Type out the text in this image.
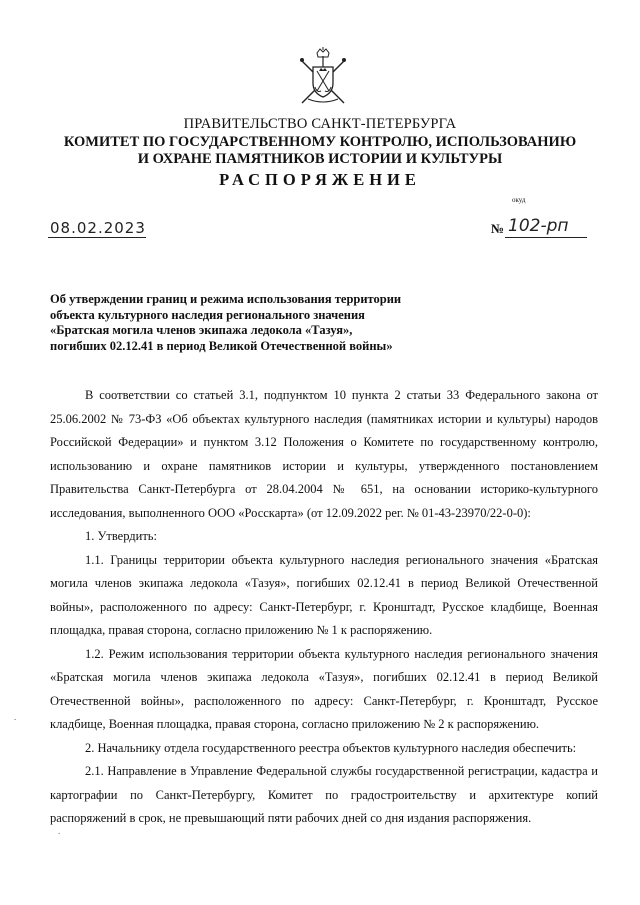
ПРАВИТЕЛЬСТВО САНКТ-ПЕТЕРБУРГА
КОМИТЕТ ПО ГОСУДАРСТВЕННОМУ КОНТРОЛЮ, ИСПОЛЬЗОВАНИЮ
И ОХРАНЕ ПАМЯТНИКОВ ИСТОРИИ И КУЛЬТУРЫ
РАСПОРЯЖЕНИЕ
окуд
08.02.2023	№ 102-рп
Об утверждении границ и режима использования территории
объекта культурного наследия регионального значения
«Братская могила членов экипажа ледокола «Тазуя»,
погибших 02.12.41 в период Великой Отечественной войны»

В соответствии со статьей 3.1, подпунктом 10 пункта 2 статьи 33 Федерального закона от 25.06.2002 № 73-ФЗ «Об объектах культурного наследия (памятниках истории и культуры) народов Российской Федерации» и пунктом 3.12 Положения о Комитете по государственному контролю, использованию и охране памятников истории и культуры, утвержденного постановлением Правительства Санкт-Петербурга от 28.04.2004 № 651, на основании историко-культурного исследования, выполненного ООО «Росскарта» (от 12.09.2022 рег. № 01-43-23970/22-0-0):

1. Утвердить:

1.1. Границы территории объекта культурного наследия регионального значения «Братская могила членов экипажа ледокола «Тазуя», погибших 02.12.41 в период Великой Отечественной войны», расположенного по адресу: Санкт-Петербург, г. Кронштадт, Русское кладбище, Военная площадка, правая сторона, согласно приложению № 1 к распоряжению.

1.2. Режим использования территории объекта культурного наследия регионального значения «Братская могила членов экипажа ледокола «Тазуя», погибших 02.12.41 в период Великой Отечественной войны», расположенного по адресу: Санкт-Петербург, г. Кронштадт, Русское кладбище, Военная площадка, правая сторона, согласно приложению № 2 к распоряжению.

2. Начальнику отдела государственного реестра объектов культурного наследия обеспечить:

2.1. Направление в Управление Федеральной службы государственной регистрации, кадастра и картографии по Санкт-Петербургу, Комитет по градостроительству и архитектуре копий распоряжений в срок, не превышающий пяти рабочих дней со дня издания распоряжения.

.
.
